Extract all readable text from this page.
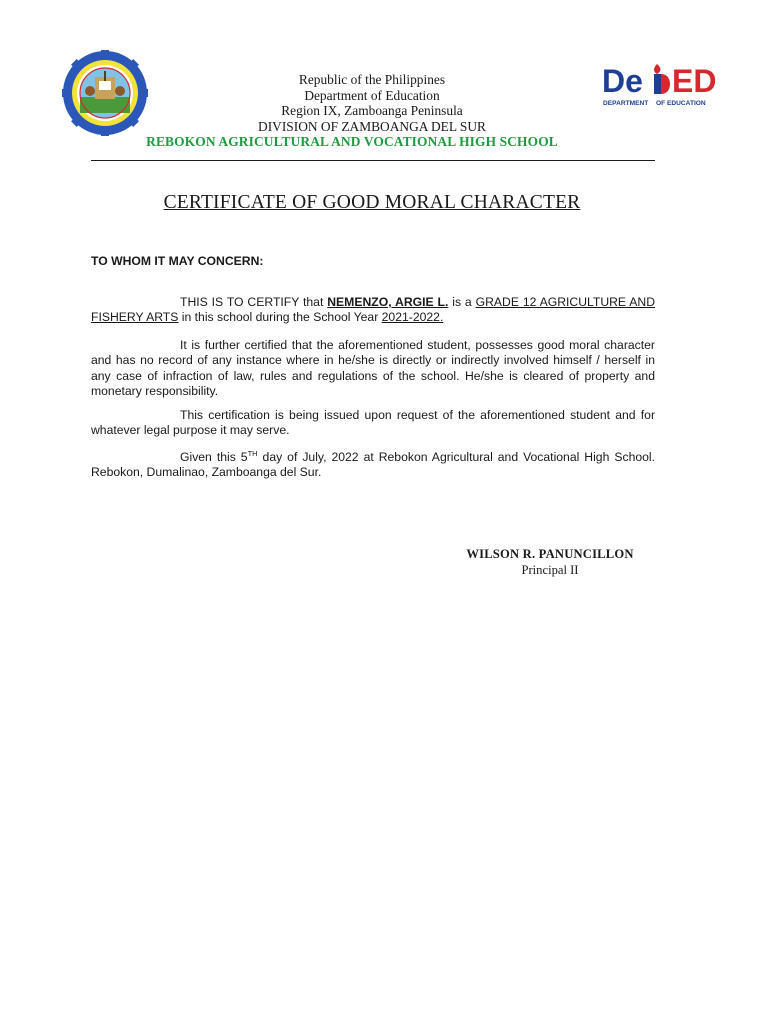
De ED
DEPARTMENT OF EDUCATION
Republic of the Philippines
Department of Education
Region IX, Zamboanga Peninsula
DIVISION OF ZAMBOANGA DEL SUR
REBOKON AGRICULTURAL AND VOCATIONAL HIGH SCHOOL
CERTIFICATE OF GOOD MORAL CHARACTER
TO WHOM IT MAY CONCERN:
THIS IS TO CERTIFY that NEMENZO, ARGIE L. is a GRADE 12 AGRICULTURE AND FISHERY ARTS in this school during the School Year 2021-2022.
It is further certified that the aforementioned student, possesses good moral character and has no record of any instance where in he/she is directly or indirectly involved himself / herself in any case of infraction of law, rules and regulations of the school. He/she is cleared of property and monetary responsibility.
This certification is being issued upon request of the aforementioned student and for whatever legal purpose it may serve.
Given this 5TH day of July, 2022 at Rebokon Agricultural and Vocational High School. Rebokon, Dumalinao, Zamboanga del Sur.
WILSON R. PANUNCILLON
Principal II
